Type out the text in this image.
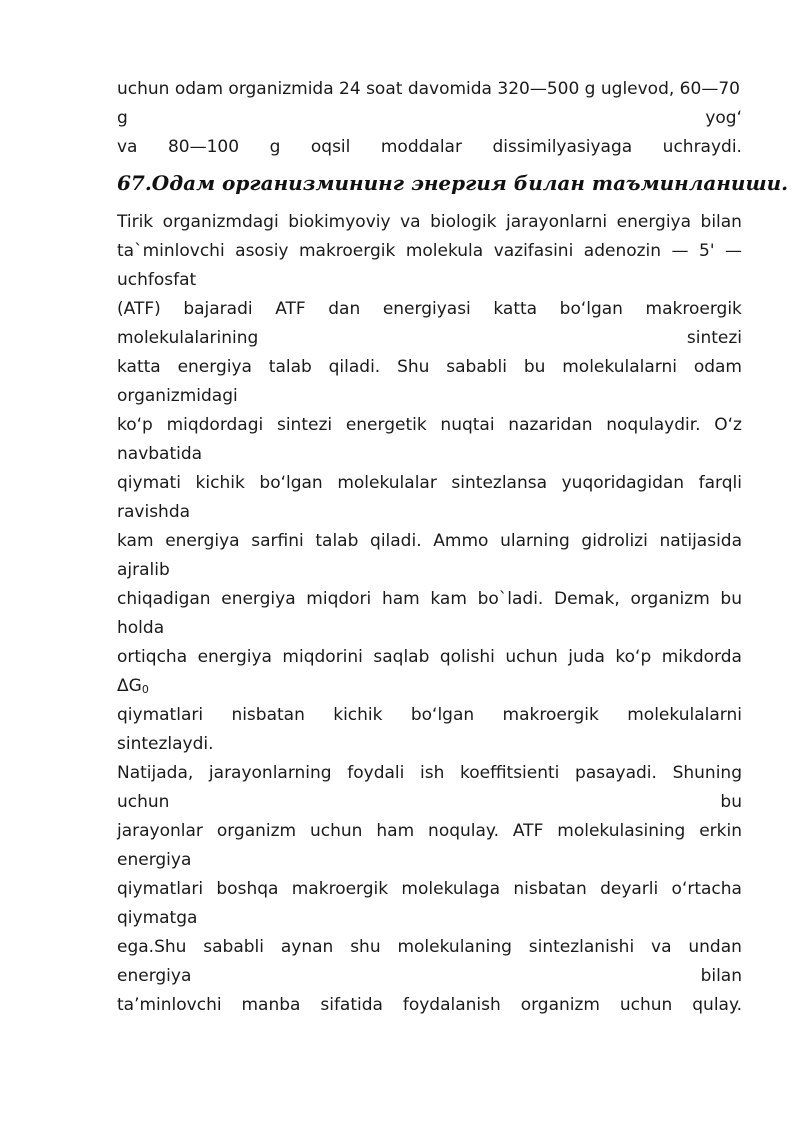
uchun odam organizmida 24 soat davomida 320—500 g uglevod, 60—70
g	yog‘
va 80—100 g oqsil moddalar dissimilyasiyaga uchraydi.
67.Одам организмининг энергия билан таъминланиши.
Tirik organizmdagi biokimyoviy va biologik jarayonlarni energiya bilan
ta`minlovchi asosiy makroergik molekula vazifasini adenozin — 5' —
uchfosfat
(ATF) bajaradi ATF dan energiyasi katta bo‘lgan makroergik
molekulalarining	sintezi
katta energiya talab qiladi. Shu sababli bu molekulalarni odam
organizmidagi
ko‘p miqdordagi sintezi energetik nuqtai nazaridan noqulaydir. O‘z
navbatida
qiymati kichik bo‘lgan molekulalar sintezlansa yuqoridagidan farqli
ravishda
kam energiya sarfini talab qiladi. Ammo ularning gidrolizi natijasida
ajralib
chiqadigan energiya miqdori ham kam bo`ladi. Demak, organizm bu
holda
ortiqcha energiya miqdorini saqlab qolishi uchun juda ko‘p mikdorda
$\Delta G_0$
qiymatlari nisbatan kichik bo‘lgan makroergik molekulalarni
sintezlaydi.
Natijada, jarayonlarning foydali ish koeffitsienti pasayadi. Shuning
uchun	bu
jarayonlar organizm uchun ham noqulay. ATF molekulasining erkin
energiya
qiymatlari boshqa makroergik molekulaga nisbatan deyarli o‘rtacha
qiymatga
ega.Shu sababli aynan shu molekulaning sintezlanishi va undan
energiya	bilan
ta’minlovchi manba sifatida foydalanish organizm uchun qulay.
